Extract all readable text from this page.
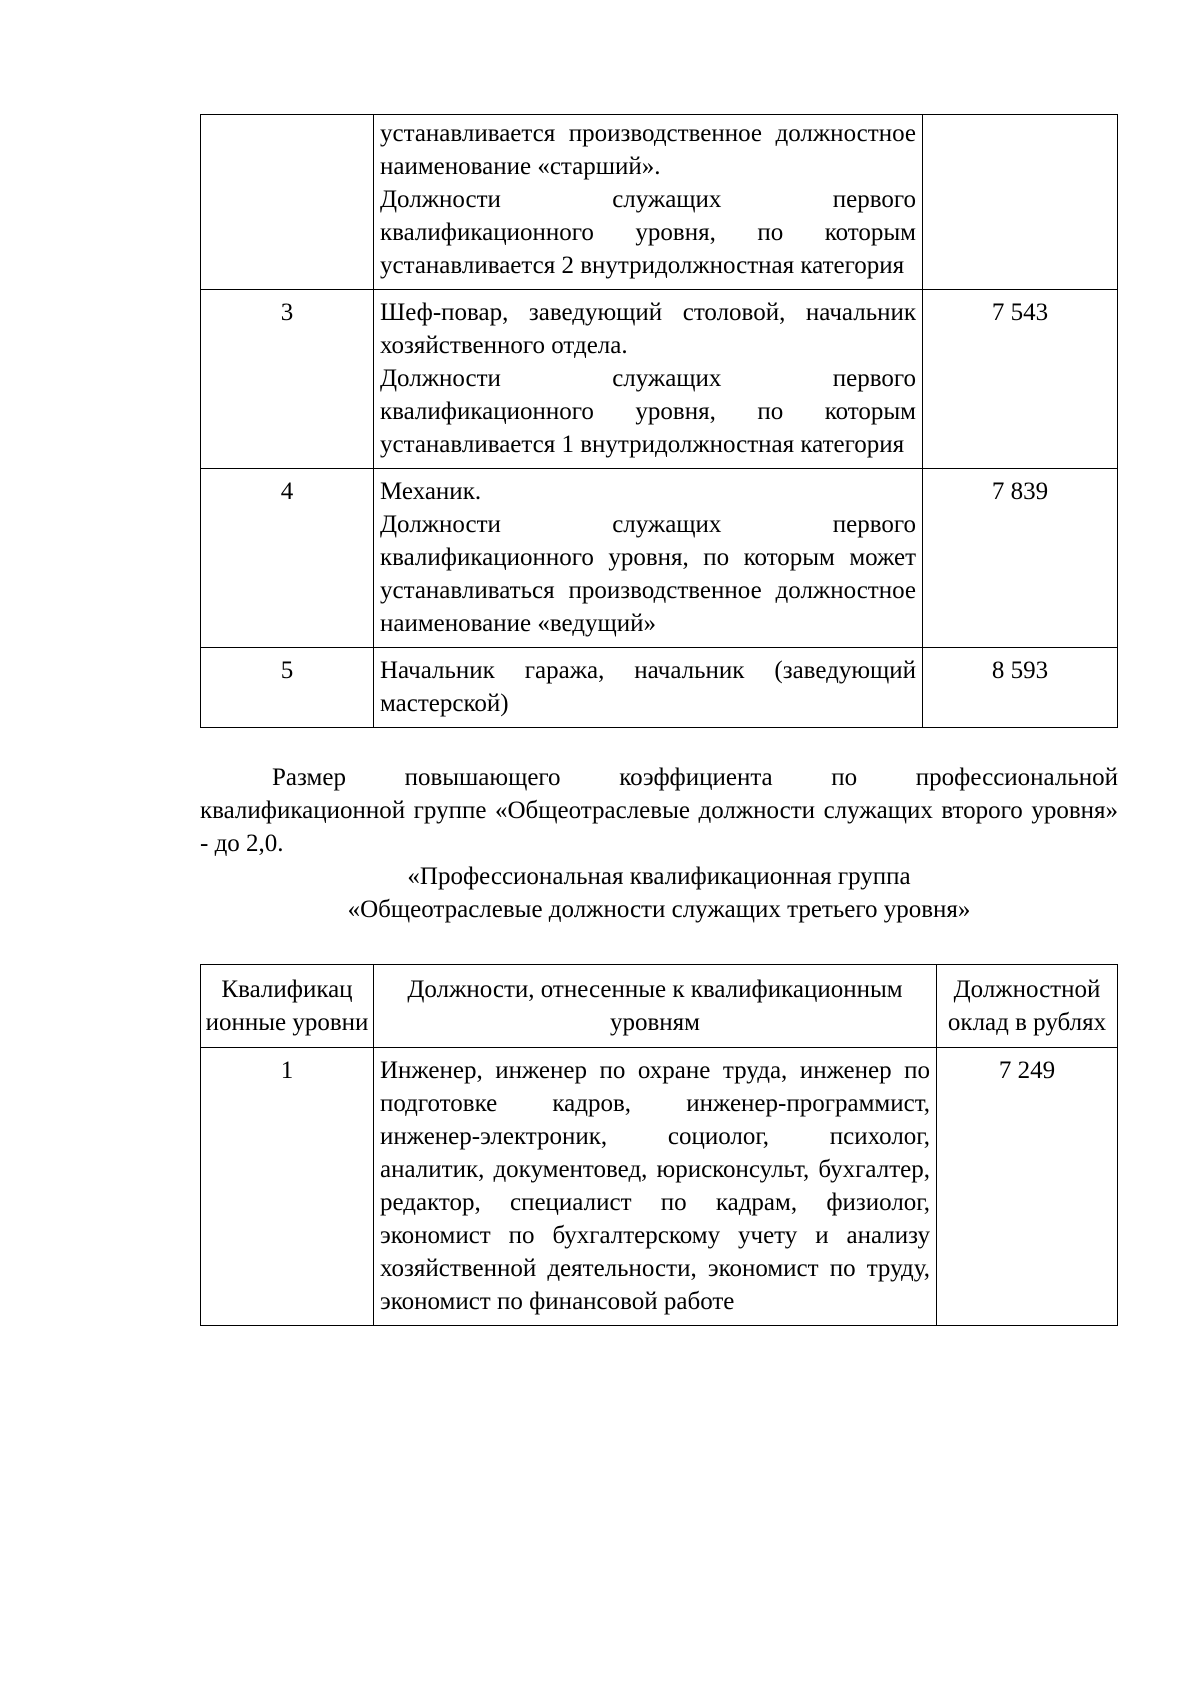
	устанавливается производственное должностное наименование «старший».
Должности служащих первого квалификационного уровня, по которым устанавливается 2 внутридолжностная категория	

3	Шеф-повар, заведующий столовой, начальник хозяйственного отдела.
Должности служащих первого квалификационного уровня, по которым устанавливается 1 внутридолжностная категория	7 543

4	Механик.
Должности служащих первого квалификационного уровня, по которым может устанавливаться производственное должностное наименование «ведущий»	7 839

5	Начальник гаража, начальник (заведующий мастерской)	8 593
Размер повышающего коэффициента по профессиональной квалификационной группе «Общеотраслевые должности служащих второго уровня» - до 2,0.
«Профессиональная квалификационная группа
«Общеотраслевые должности служащих третьего уровня»
Квалификац ионные уровни	Должности, отнесенные к квалификационным уровням	Должностной оклад в рублях

1	Инженер, инженер по охране труда, инженер по подготовке кадров, инженер-программист, инженер-электроник, социолог, психолог, аналитик, документовед, юрисконсульт, бухгалтер, редактор, специалист по кадрам, физиолог, экономист по бухгалтерскому учету и анализу хозяйственной деятельности, экономист по труду, экономист по финансовой работе	7 249
